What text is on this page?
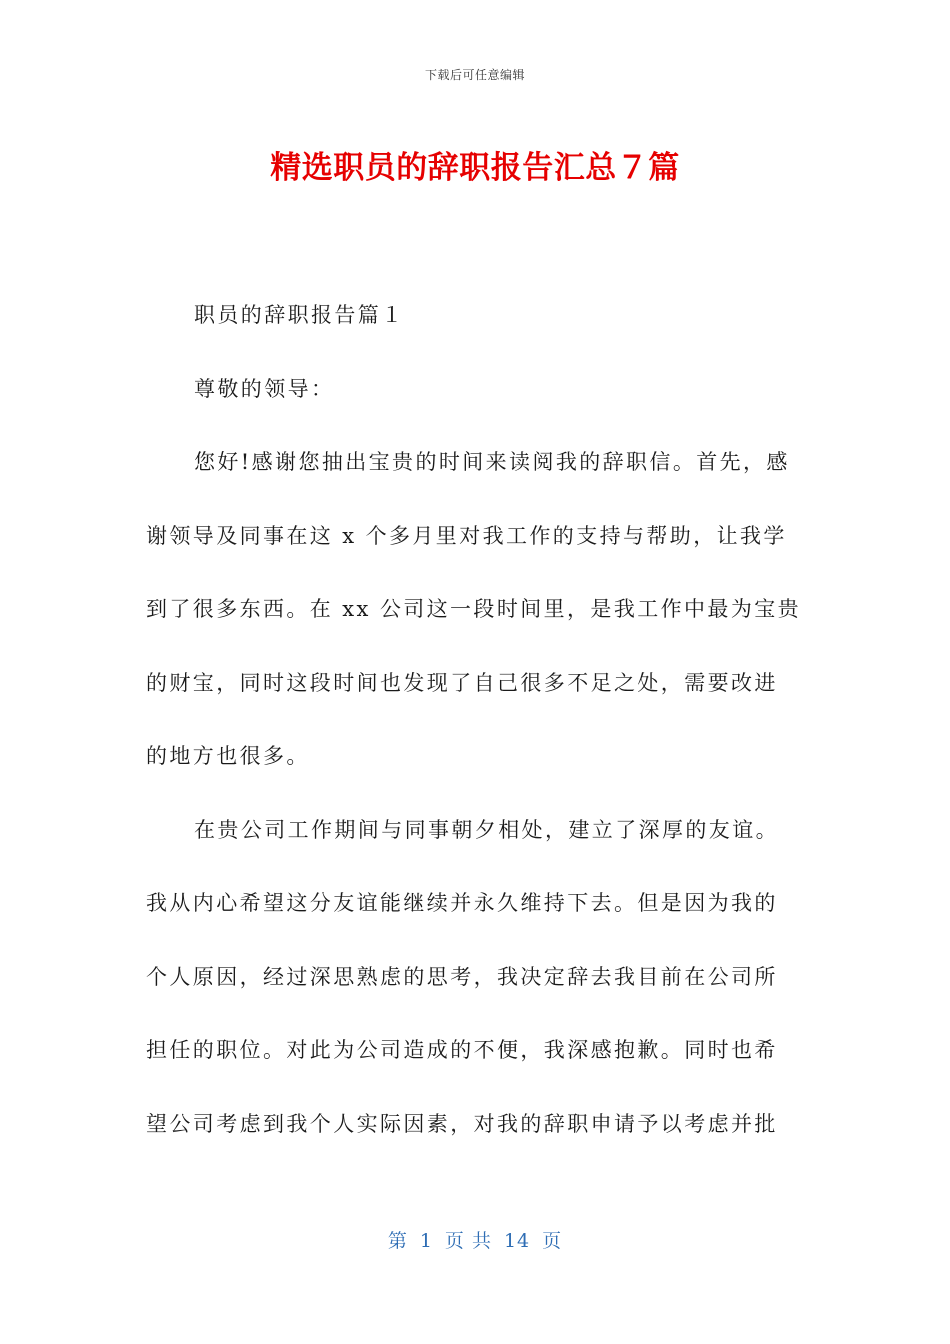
下载后可任意编辑
精选职员的辞职报告汇总７篇

职员的辞职报告篇１

尊敬的领导：

您好!感谢您抽出宝贵的时间来读阅我的辞职信。首先，感
谢领导及同事在这 x 个多月里对我工作的支持与帮助，让我学
到了很多东西。在 xx 公司这一段时间里，是我工作中最为宝贵
的财宝，同时这段时间也发现了自己很多不足之处，需要改进
的地方也很多。

在贵公司工作期间与同事朝夕相处，建立了深厚的友谊。
我从内心希望这分友谊能继续并永久维持下去。但是因为我的
个人原因，经过深思熟虑的思考，我决定辞去我目前在公司所
担任的职位。对此为公司造成的不便，我深感抱歉。同时也希
望公司考虑到我个人实际因素，对我的辞职申请予以考虑并批

第 1 页 共 14 页
